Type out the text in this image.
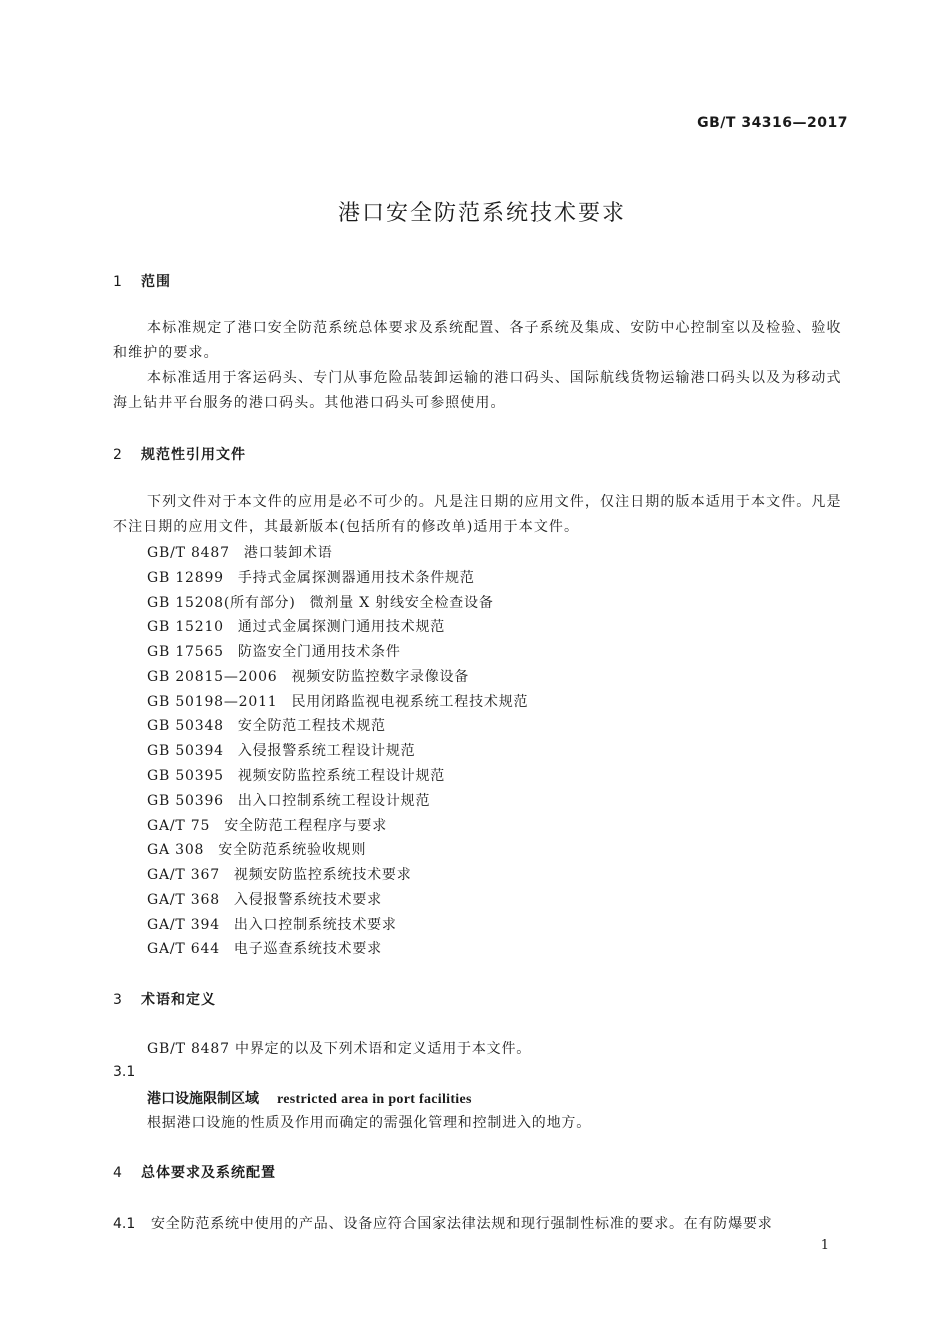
GB/T 34316—2017
港口安全防范系统技术要求
1 范围
本标准规定了港口安全防范系统总体要求及系统配置、各子系统及集成、安防中心控制室以及检验、验收和维护的要求。
本标准适用于客运码头、专门从事危险品装卸运输的港口码头、国际航线货物运输港口码头以及为移动式海上钻井平台服务的港口码头。其他港口码头可参照使用。
2 规范性引用文件
下列文件对于本文件的应用是必不可少的。凡是注日期的应用文件，仅注日期的版本适用于本文件。凡是不注日期的应用文件，其最新版本(包括所有的修改单)适用于本文件。
GB/T 8487 港口装卸术语
GB 12899 手持式金属探测器通用技术条件规范
GB 15208(所有部分) 微剂量 X 射线安全检查设备
GB 15210 通过式金属探测门通用技术规范
GB 17565 防盗安全门通用技术条件
GB 20815—2006 视频安防监控数字录像设备
GB 50198—2011 民用闭路监视电视系统工程技术规范
GB 50348 安全防范工程技术规范
GB 50394 入侵报警系统工程设计规范
GB 50395 视频安防监控系统工程设计规范
GB 50396 出入口控制系统工程设计规范
GA/T 75 安全防范工程程序与要求
GA 308 安全防范系统验收规则
GA/T 367 视频安防监控系统技术要求
GA/T 368 入侵报警系统技术要求
GA/T 394 出入口控制系统技术要求
GA/T 644 电子巡查系统技术要求
3 术语和定义
GB/T 8487 中界定的以及下列术语和定义适用于本文件。
3.1
港口设施限制区域 restricted area in port facilities
根据港口设施的性质及作用而确定的需强化管理和控制进入的地方。
4 总体要求及系统配置
4.1 安全防范系统中使用的产品、设备应符合国家法律法规和现行强制性标准的要求。在有防爆要求
1
